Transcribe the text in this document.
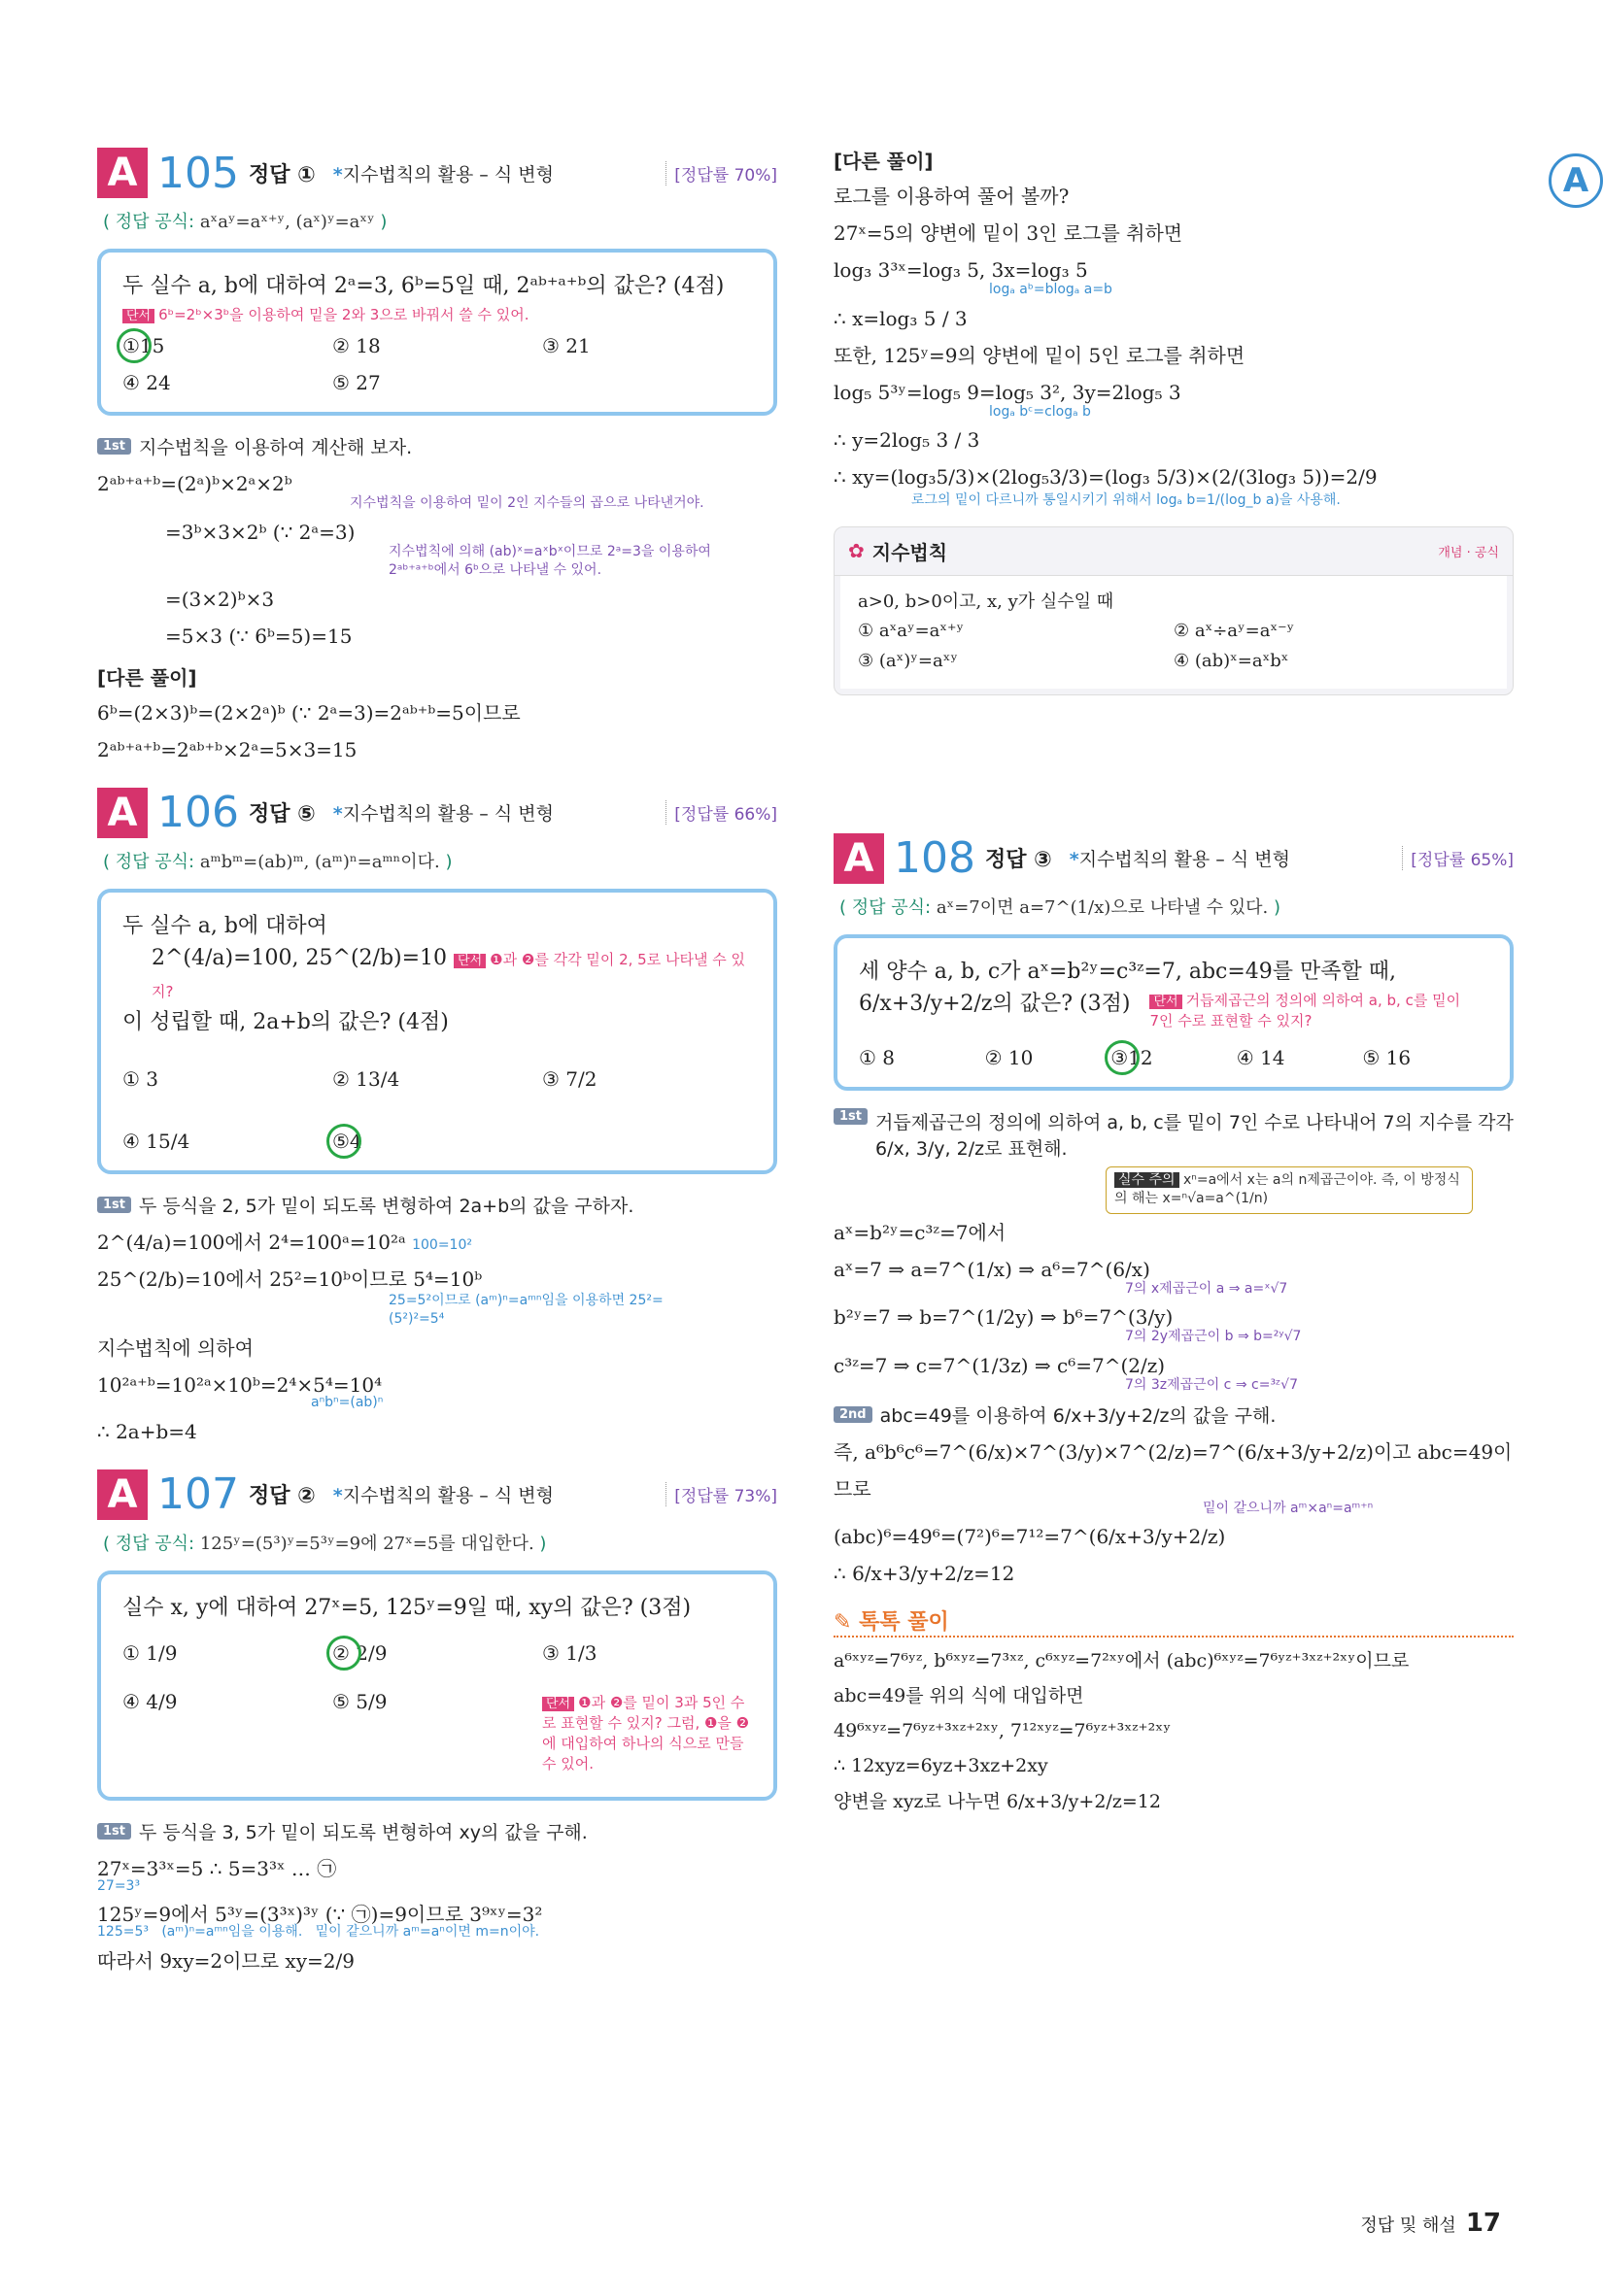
A 105 정답 ① *지수법칙의 활용 – 식 변형	[정답률 70%]
( 정답 공식: aˣaʸ=aˣ⁺ʸ, (aˣ)ʸ=aˣʸ )
두 실수 a, b에 대하여 2ᵃ=3, 6ᵇ=5일 때, 2ᵃᵇ⁺ᵃ⁺ᵇ의 값은? (4점)
단서 6ᵇ=2ᵇ×3ᵇ을 이용하여 밑을 2와 3으로 바꿔서 쓸 수 있어.
①15	② 18	③ 21
④ 24	⑤ 27
1st 지수법칙을 이용하여 계산해 보자.
2ᵃᵇ⁺ᵃ⁺ᵇ=(2ᵃ)ᵇ×2ᵃ×2ᵇ
지수법칙을 이용하여 밑이 2인 지수들의 곱으로 나타낸거야.
=3ᵇ×3×2ᵇ (∵ 2ᵃ=3)
지수법칙에 의해 (ab)ˣ=aˣbˣ이므로 2ᵃ=3을 이용하여 2ᵃᵇ⁺ᵃ⁺ᵇ에서 6ᵇ으로 나타낼 수 있어.
=(3×2)ᵇ×3
=5×3 (∵ 6ᵇ=5)=15
[다른 풀이]
6ᵇ=(2×3)ᵇ=(2×2ᵃ)ᵇ (∵ 2ᵃ=3)=2ᵃᵇ⁺ᵇ=5이므로
2ᵃᵇ⁺ᵃ⁺ᵇ=2ᵃᵇ⁺ᵇ×2ᵃ=5×3=15
A 106 정답 ⑤ *지수법칙의 활용 – 식 변형	[정답률 66%]
( 정답 공식: aᵐbᵐ=(ab)ᵐ, (aᵐ)ⁿ=aᵐⁿ이다. )
두 실수 a, b에 대하여
2^(4/a)=100, 25^(2/b)=10 단서 ❶과 ❷를 각각 밑이 2, 5로 나타낼 수 있지?
이 성립할 때, 2a+b의 값은? (4점)
① 3	② 13/4	③ 7/2
④ 15/4	⑤4
1st 두 등식을 2, 5가 밑이 되도록 변형하여 2a+b의 값을 구하자.
2^(4/a)=100에서 2⁴=100ᵃ=10²ᵃ 100=10²
25^(2/b)=10에서 25²=10ᵇ이므로 5⁴=10ᵇ
25=5²이므로 (aᵐ)ⁿ=aᵐⁿ임을 이용하면 25²=(5²)²=5⁴
지수법칙에 의하여
10²ᵃ⁺ᵇ=10²ᵃ×10ᵇ=2⁴×5⁴=10⁴
aⁿbⁿ=(ab)ⁿ
∴ 2a+b=4
A 107 정답 ② *지수법칙의 활용 – 식 변형	[정답률 73%]
( 정답 공식: 125ʸ=(5³)ʸ=5³ʸ=9에 27ˣ=5를 대입한다. )
실수 x, y에 대하여 27ˣ=5, 125ʸ=9일 때, xy의 값은? (3점)
① 1/9	② 2/9	③ 1/3
④ 4/9	⑤ 5/9	단서 ❶과 ❷를 밑이 3과 5인 수로 표현할 수 있지? 그럼, ❶을 ❷에 대입하여 하나의 식으로 만들 수 있어.
1st 두 등식을 3, 5가 밑이 되도록 변형하여 xy의 값을 구해.
27ˣ=3³ˣ=5 ∴ 5=3³ˣ … ㉠
27=3³
125ʸ=9에서 5³ʸ=(3³ˣ)³ʸ (∵ ㉠)=9이므로 3⁹ˣʸ=3²
125=5³ (aᵐ)ⁿ=aᵐⁿ임을 이용해. 밑이 같으니까 aᵐ=aⁿ이면 m=n이야.
따라서 9xy=2이므로 xy=2/9
[다른 풀이]
로그를 이용하여 풀어 볼까?
27ˣ=5의 양변에 밑이 3인 로그를 취하면
log₃ 3³ˣ=log₃ 5, 3x=log₃ 5
logₐ aᵇ=blogₐ a=b
∴ x=log₃ 5 / 3
또한, 125ʸ=9의 양변에 밑이 5인 로그를 취하면
log₅ 5³ʸ=log₅ 9=log₅ 3², 3y=2log₅ 3
logₐ bᶜ=clogₐ b
∴ y=2log₅ 3 / 3
∴ xy=(log₃5/3)×(2log₅3/3)=(log₃ 5/3)×(2/(3log₃ 5))=2/9
로그의 밑이 다르니까 통일시키기 위해서 logₐ b=1/(log_b a)을 사용해.
✿ 지수법칙	개념 · 공식
a>0, b>0이고, x, y가 실수일 때
① aˣaʸ=aˣ⁺ʸ	② aˣ÷aʸ=aˣ⁻ʸ
③ (aˣ)ʸ=aˣʸ	④ (ab)ˣ=aˣbˣ
A 108 정답 ③ *지수법칙의 활용 – 식 변형	[정답률 65%]
( 정답 공식: aˣ=7이면 a=7^(1/x)으로 나타낼 수 있다. )
세 양수 a, b, c가 aˣ=b²ʸ=c³ᶻ=7, abc=49를 만족할 때,
6/x+3/y+2/z의 값은? (3점)	단서 거듭제곱근의 정의에 의하여 a, b, c를 밑이 7인 수로 표현할 수 있지?
① 8	② 10	③12	④ 14	⑤ 16
1st 거듭제곱근의 정의에 의하여 a, b, c를 밑이 7인 수로 나타내어 7의 지수를 각각 6/x, 3/y, 2/z로 표현해.
실수 주의 xⁿ=a에서 x는 a의 n제곱근이야. 즉, 이 방정식의 해는 x=ⁿ√a=a^(1/n)
aˣ=b²ʸ=c³ᶻ=7에서
aˣ=7 ⇒ a=7^(1/x) ⇒ a⁶=7^(6/x)
7의 x제곱근이 a ⇒ a=ˣ√7
b²ʸ=7 ⇒ b=7^(1/2y) ⇒ b⁶=7^(3/y)
7의 2y제곱근이 b ⇒ b=²ʸ√7
c³ᶻ=7 ⇒ c=7^(1/3z) ⇒ c⁶=7^(2/z)
7의 3z제곱근이 c ⇒ c=³ᶻ√7
2nd abc=49를 이용하여 6/x+3/y+2/z의 값을 구해.
즉, a⁶b⁶c⁶=7^(6/x)×7^(3/y)×7^(2/z)=7^(6/x+3/y+2/z)이고 abc=49이므로
밑이 같으니까 aᵐ×aⁿ=aᵐ⁺ⁿ
(abc)⁶=49⁶=(7²)⁶=7¹²=7^(6/x+3/y+2/z)
∴ 6/x+3/y+2/z=12
✎ 톡톡 풀이
a⁶ˣʸᶻ=7⁶ʸᶻ, b⁶ˣʸᶻ=7³ˣᶻ, c⁶ˣʸᶻ=7²ˣʸ에서 (abc)⁶ˣʸᶻ=7⁶ʸᶻ⁺³ˣᶻ⁺²ˣʸ이므로
abc=49를 위의 식에 대입하면
49⁶ˣʸᶻ=7⁶ʸᶻ⁺³ˣᶻ⁺²ˣʸ, 7¹²ˣʸᶻ=7⁶ʸᶻ⁺³ˣᶻ⁺²ˣʸ
∴ 12xyz=6yz+3xz+2xy
양변을 xyz로 나누면 6/x+3/y+2/z=12
A
정답 및 해설 17
